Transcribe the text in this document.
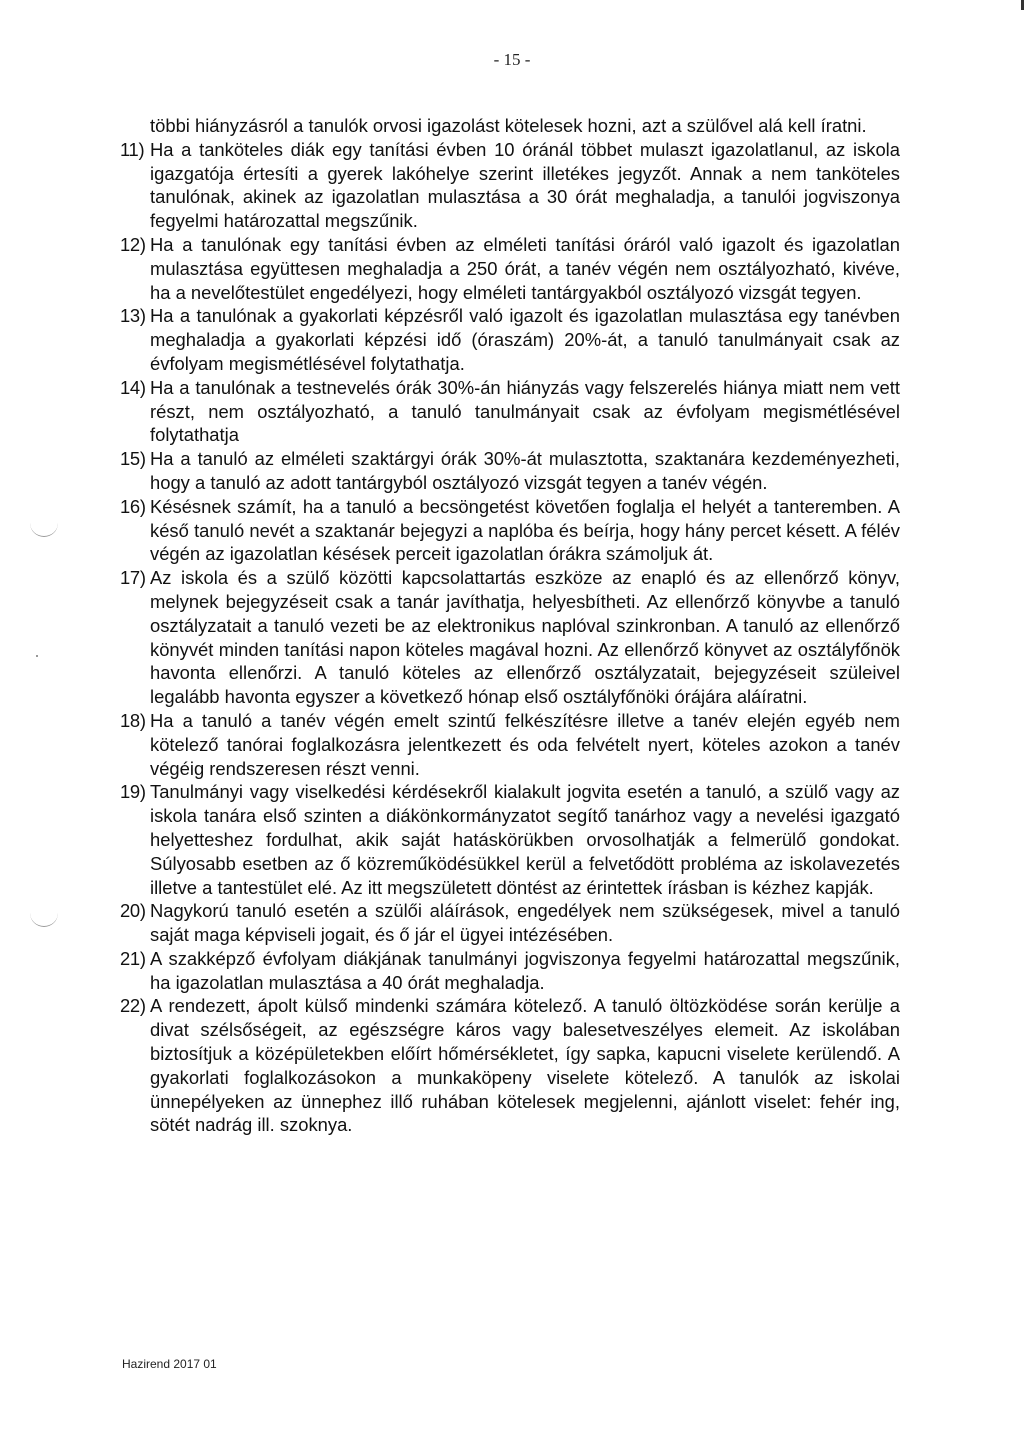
- 15 -
többi hiányzásról a tanulók orvosi igazolást kötelesek hozni, azt a szülővel alá kell íratni.
11) Ha a tanköteles diák egy tanítási évben 10 óránál többet mulaszt igazolatlanul, az iskola igazgatója értesíti a gyerek lakóhelye szerint illetékes jegyzőt. Annak a nem tanköteles tanulónak, akinek az igazolatlan mulasztása a 30 órát meghaladja, a tanulói jogviszonya fegyelmi határozattal megszűnik.
12) Ha a tanulónak egy tanítási évben az elméleti tanítási óráról való igazolt és igazolatlan mulasztása együttesen meghaladja a 250 órát, a tanév végén nem osztályozható, kivéve, ha a nevelőtestület engedélyezi, hogy elméleti tantárgyakból osztályozó vizsgát tegyen.
13) Ha a tanulónak a gyakorlati képzésről való igazolt és igazolatlan mulasztása egy tanévben meghaladja a gyakorlati képzési idő (óraszám) 20%-át, a tanuló tanulmányait csak az évfolyam megismétlésével folytathatja.
14) Ha a tanulónak a testnevelés órák 30%-án hiányzás vagy felszerelés hiánya miatt nem vett részt, nem osztályozható, a tanuló tanulmányait csak az évfolyam megismétlésével folytathatja
15) Ha a tanuló az elméleti szaktárgyi órák 30%-át mulasztotta, szaktanára kezdeményezheti, hogy a tanuló az adott tantárgyból osztályozó vizsgát tegyen a tanév végén.
16) Késésnek számít, ha a tanuló a becsöngetést követően foglalja el helyét a tanteremben. A késő tanuló nevét a szaktanár bejegyzi a naplóba és beírja, hogy hány percet késett. A félév végén az igazolatlan késések perceit igazolatlan órákra számoljuk át.
17) Az iskola és a szülő közötti kapcsolattartás eszköze az enapló és az ellenőrző könyv, melynek bejegyzéseit csak a tanár javíthatja, helyesbítheti. Az ellenőrző könyvbe a tanuló osztályzatait a tanuló vezeti be az elektronikus naplóval szinkronban. A tanuló az ellenőrző könyvét minden tanítási napon köteles magával hozni. Az ellenőrző könyvet az osztályfőnök havonta ellenőrzi. A tanuló köteles az ellenőrző osztályzatait, bejegyzéseit szüleivel legalább havonta egyszer a következő hónap első osztályfőnöki órájára aláíratni.
18) Ha a tanuló a tanév végén emelt szintű felkészítésre illetve a tanév elején egyéb nem kötelező tanórai foglalkozásra jelentkezett és oda felvételt nyert, köteles azokon a tanév végéig rendszeresen részt venni.
19) Tanulmányi vagy viselkedési kérdésekről kialakult jogvita esetén a tanuló, a szülő vagy az iskola tanára első szinten a diákönkormányzatot segítő tanárhoz vagy a nevelési igazgató helyetteshez fordulhat, akik saját hatáskörükben orvosolhatják a felmerülő gondokat. Súlyosabb esetben az ő közreműködésükkel kerül a felvetődött probléma az iskolavezetés illetve a tantestület elé. Az itt megszületett döntést az érintettek írásban is kézhez kapják.
20) Nagykorú tanuló esetén a szülői aláírások, engedélyek nem szükségesek, mivel a tanuló saját maga képviseli jogait, és ő jár el ügyei intézésében.
21) A szakképző évfolyam diákjának tanulmányi jogviszonya fegyelmi határozattal megszűnik, ha igazolatlan mulasztása a 40 órát meghaladja.
22) A rendezett, ápolt külső mindenki számára kötelező. A tanuló öltözködése során kerülje a divat szélsőségeit, az egészségre káros vagy balesetveszélyes elemeit. Az iskolában biztosítjuk a középületekben előírt hőmérsékletet, így sapka, kapucni viselete kerülendő. A gyakorlati foglalkozásokon a munkaköpeny viselete kötelező. A tanulók az iskolai ünnepélyeken az ünnephez illő ruhában kötelesek megjelenni, ajánlott viselet: fehér ing, sötét nadrág ill. szoknya.
Hazirend 2017 01
